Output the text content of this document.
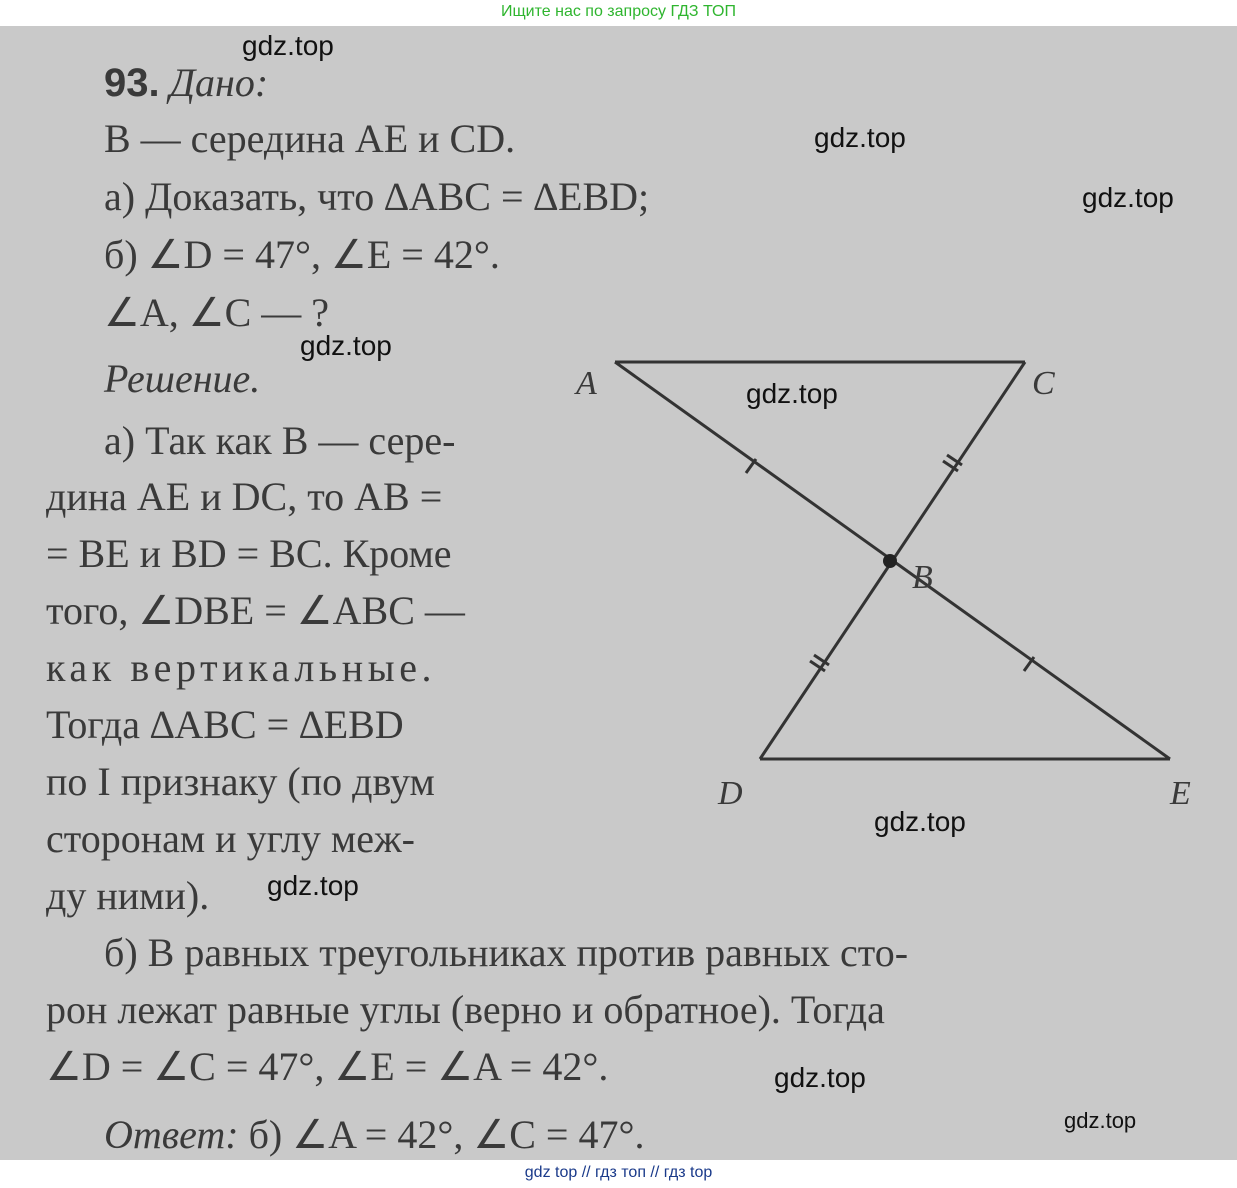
Ищите нас по запросу ГДЗ ТОП
93. Дано:
B — середина AE и CD.
а) Доказать, что ∆ABC = ∆EBD;
б) ∠D = 47°, ∠E = 42°.
∠A, ∠C — ?
Решение.
а) Так как B — сере-
дина AE и DC, то AB =
= BE и BD = BC. Кроме
того, ∠DBE = ∠ABC —
как вертикальные.
Тогда ∆ABC = ∆EBD
по I признаку (по двум
сторонам и углу меж-
ду ними).
б) В равных треугольниках против равных сто-
рон лежат равные углы (верно и обратное). Тогда
∠D = ∠C = 47°, ∠E = ∠A = 42°.
Ответ: б) ∠A = 42°, ∠C = 47°.
A	C
B
D	E
gdz.top
gdz.top
gdz.top
gdz.top
gdz.top
gdz.top
gdz.top
gdz.top
gdz.top
gdz top // гдз топ // гдз top
